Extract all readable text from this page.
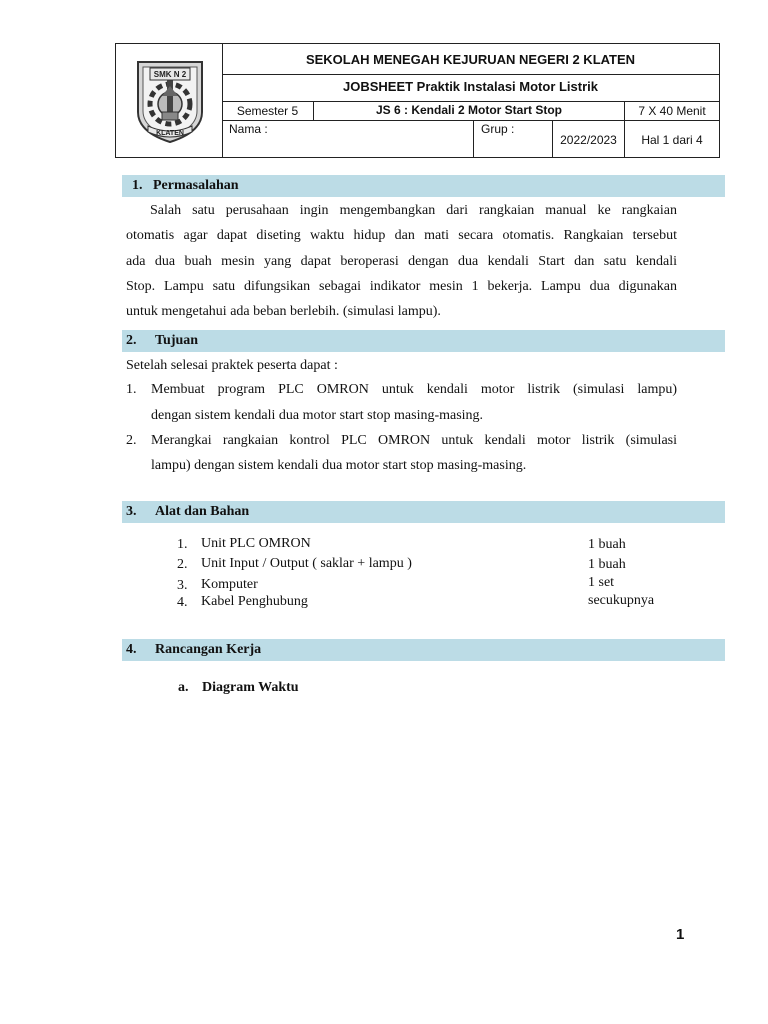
SMK N 2
KLATEN
SEKOLAH MENEGAH KEJURUAN NEGERI 2 KLATEN
JOBSHEET Praktik Instalasi Motor Listrik
Semester 5	JS 6 : Kendali 2 Motor Start Stop	7 X 40 Menit
Nama :	Grup :
2022/2023	Hal 1 dari 4
1. Permasalahan
Salah satu perusahaan ingin mengembangkan dari rangkaian manual ke rangkaian
otomatis agar dapat diseting waktu hidup dan mati secara otomatis. Rangkaian tersebut
ada dua buah mesin yang dapat beroperasi dengan dua kendali Start dan satu kendali
Stop. Lampu satu difungsikan sebagai indikator mesin 1 bekerja. Lampu dua digunakan
untuk mengetahui ada beban berlebih. (simulasi lampu).
2. Tujuan
Setelah selesai praktek peserta dapat :
1. Membuat program PLC OMRON untuk kendali motor listrik (simulasi lampu)
dengan sistem kendali dua motor start stop masing-masing.
2. Merangkai rangkaian kontrol PLC OMRON untuk kendali motor listrik (simulasi
lampu) dengan sistem kendali dua motor start stop masing-masing.
3. Alat dan Bahan
1. Unit PLC OMRON	1 buah
2. Unit Input / Output ( saklar + lampu )	1 buah
3. Komputer	1 set
4. Kabel Penghubung	secukupnya
4. Rancangan Kerja
a. Diagram Waktu
1
